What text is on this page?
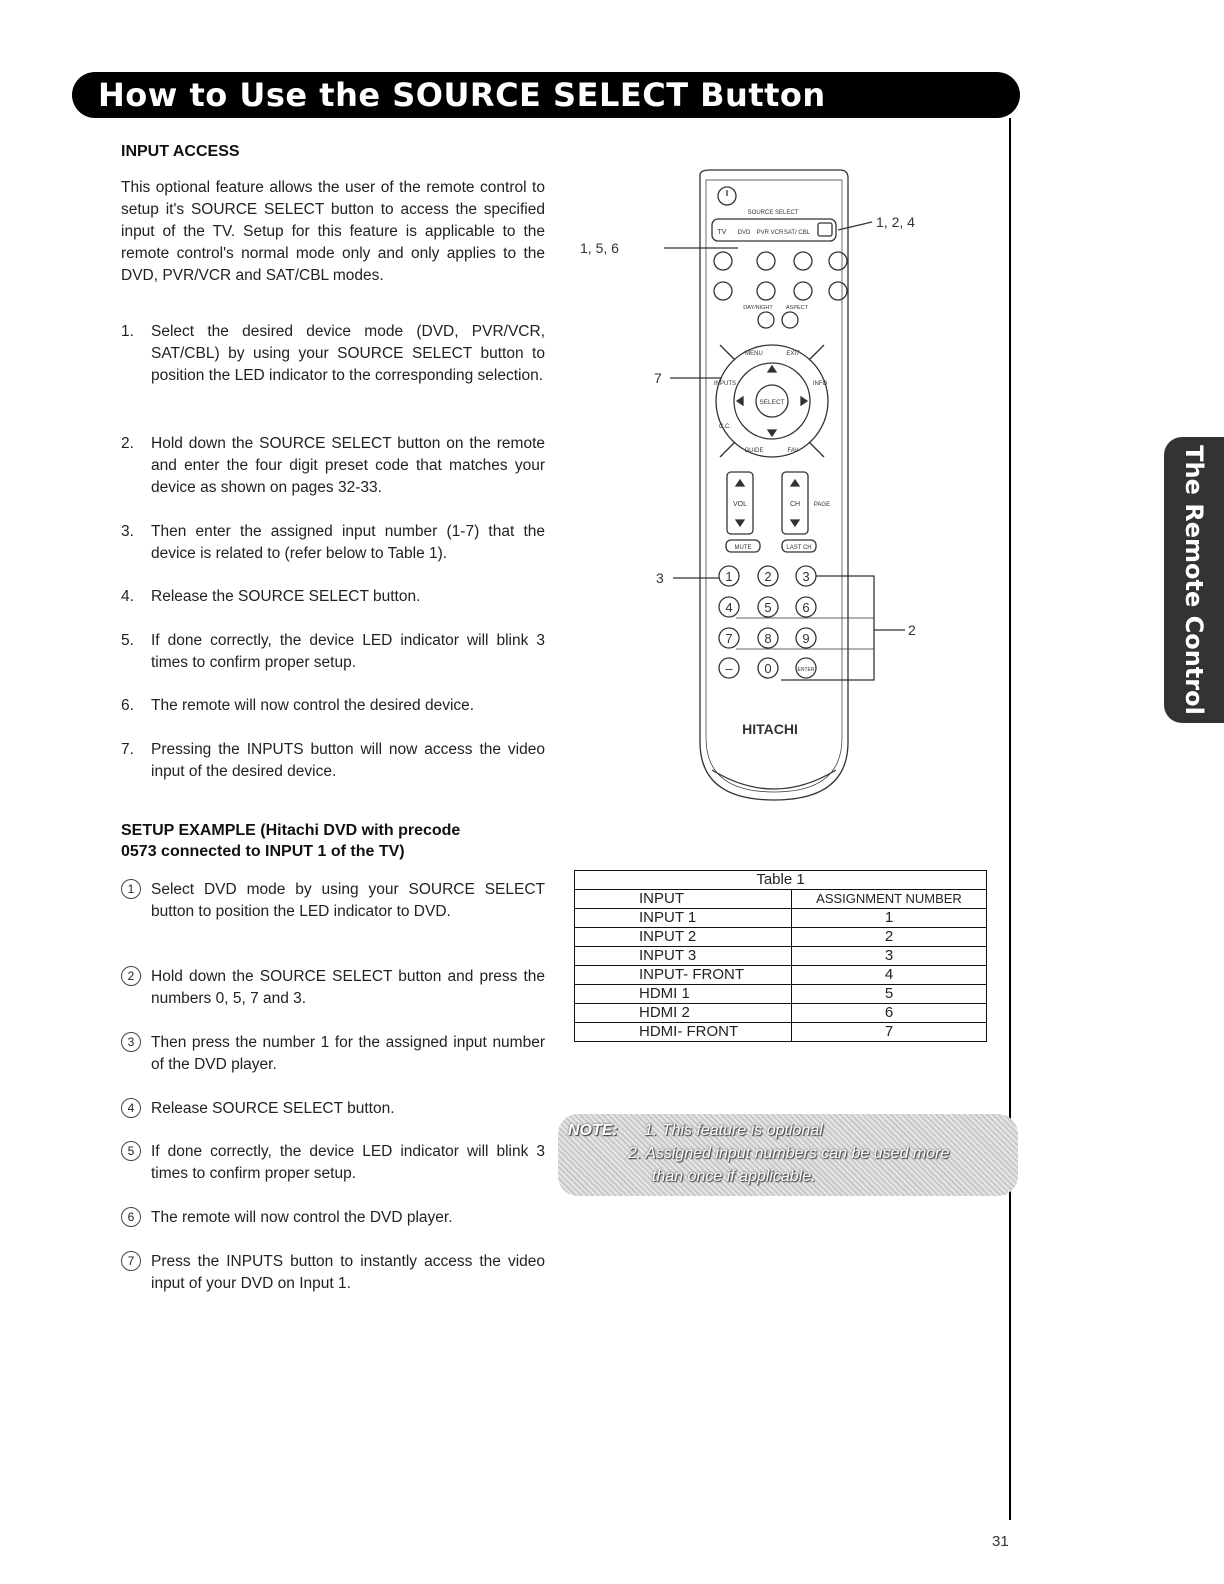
How to Use the SOURCE SELECT Button
The Remote Control
INPUT ACCESS

This optional feature allows the user of the remote control to setup it's SOURCE SELECT button to access the specified input of the TV. Setup for this feature is applicable to the remote control's normal mode only and only applies to the DVD, PVR/VCR and SAT/CBL modes.

1.	Select the desired device mode (DVD, PVR/VCR, SAT/CBL) by using your SOURCE SELECT button to position the LED indicator to the corresponding selection.
2.	Hold down the SOURCE SELECT button on the remote and enter the four digit preset code that matches your device as shown on pages 32-33.
3.	Then enter the assigned input number (1-7) that the device is related to (refer below to Table 1).
4.	Release the SOURCE SELECT button.
5.	If done correctly, the device LED indicator will blink 3 times to confirm proper setup.
6.	The remote will now control the desired device.
7.	Pressing the INPUTS button will now access the video input of the desired device.
SETUP EXAMPLE (Hitachi DVD with precode
0573 connected to INPUT 1 of the TV)
1	Select DVD mode by using your SOURCE SELECT button to position the LED indicator to DVD.
2	Hold down the SOURCE SELECT button and press the numbers 0, 5, 7 and 3.
3	Then press the number 1 for the assigned input number of the DVD player.
4	Release SOURCE SELECT button.
5	If done correctly, the device LED indicator will blink 3 times to confirm proper setup.
6	The remote will now control the DVD player.
7	Press the INPUTS button to instantly access the video input of your DVD on Input 1.
SOURCE SELECT
TV DVD PVR VCR SAT/ CBL
DAY/NIGHT ASPECT
SELECT
MENU	EXIT
INPUTS	INFO
C.C.
GUIDE	FAV
VOL	CH PAGE
MUTE	LAST CH
1 2 3
4 5 6
7 8 9
– 0	ENTER
HITACHI
1, 2, 4
1, 5, 6
7
3
2
Table 1	
INPUT	ASSIGNMENT NUMBER
INPUT 1	1
INPUT 2	2
INPUT 3	3
INPUT- FRONT	4
HDMI 1	5
HDMI 2	6
HDMI- FRONT	7
NOTE: 1. This feature is optional
2. Assigned input numbers can be used more
than once if applicable.
31
